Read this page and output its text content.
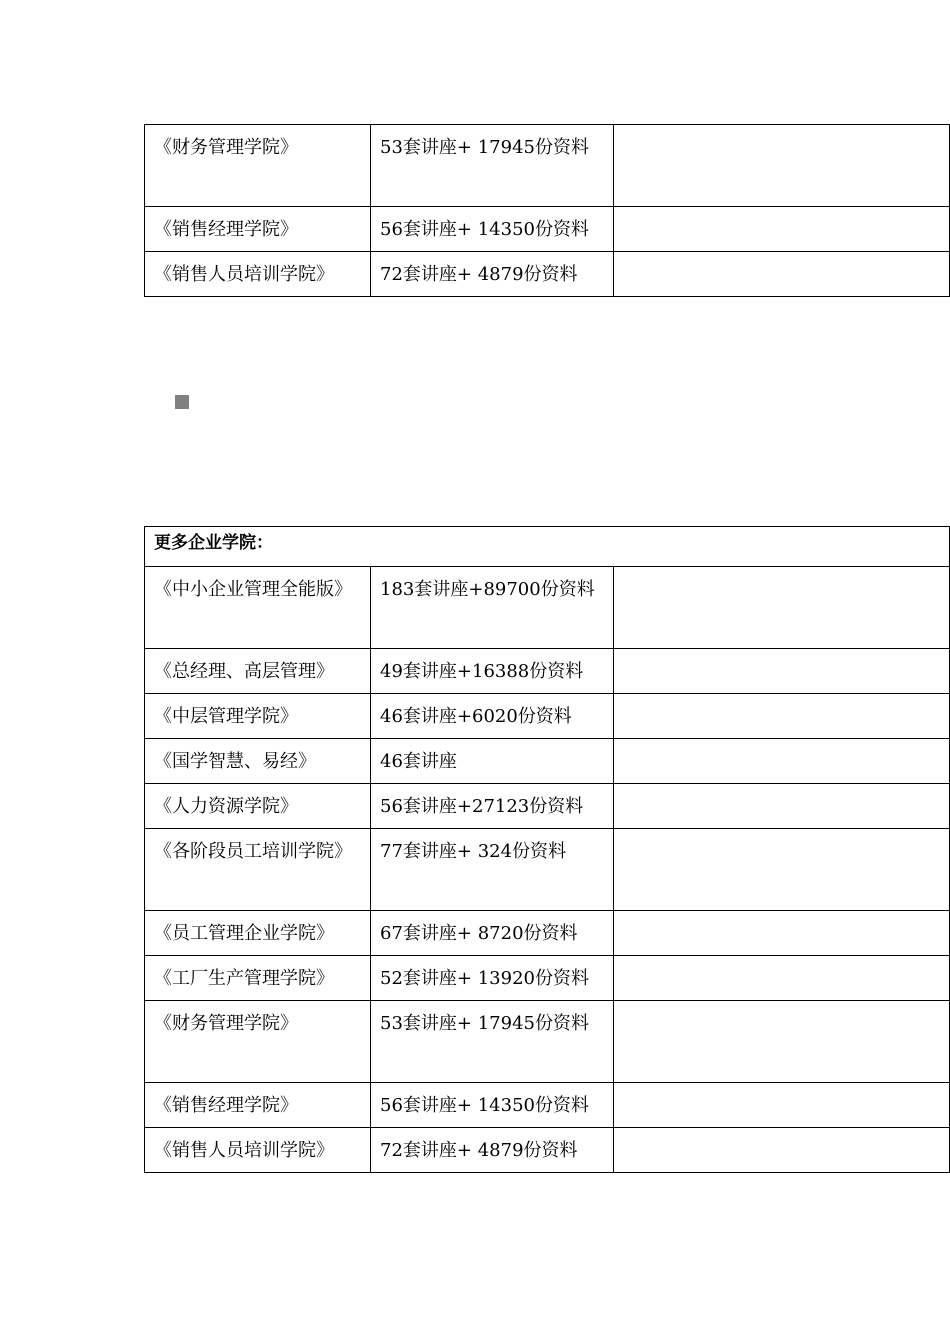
《财务管理学院》	53套讲座+ 17945份资料	
《销售经理学院》	56套讲座+ 14350份资料	
《销售人员培训学院》	72套讲座+ 4879份资料	
更多企业学院：		
《中小企业管理全能版》	183套讲座+89700份资料	
《总经理、高层管理》	49套讲座+16388份资料	
《中层管理学院》	46套讲座+6020份资料	
《国学智慧、易经》	46套讲座	
《人力资源学院》	56套讲座+27123份资料	
《各阶段员工培训学院》	77套讲座+ 324份资料	
《员工管理企业学院》	67套讲座+ 8720份资料	
《工厂生产管理学院》	52套讲座+ 13920份资料	
《财务管理学院》	53套讲座+ 17945份资料	
《销售经理学院》	56套讲座+ 14350份资料	
《销售人员培训学院》	72套讲座+ 4879份资料	
